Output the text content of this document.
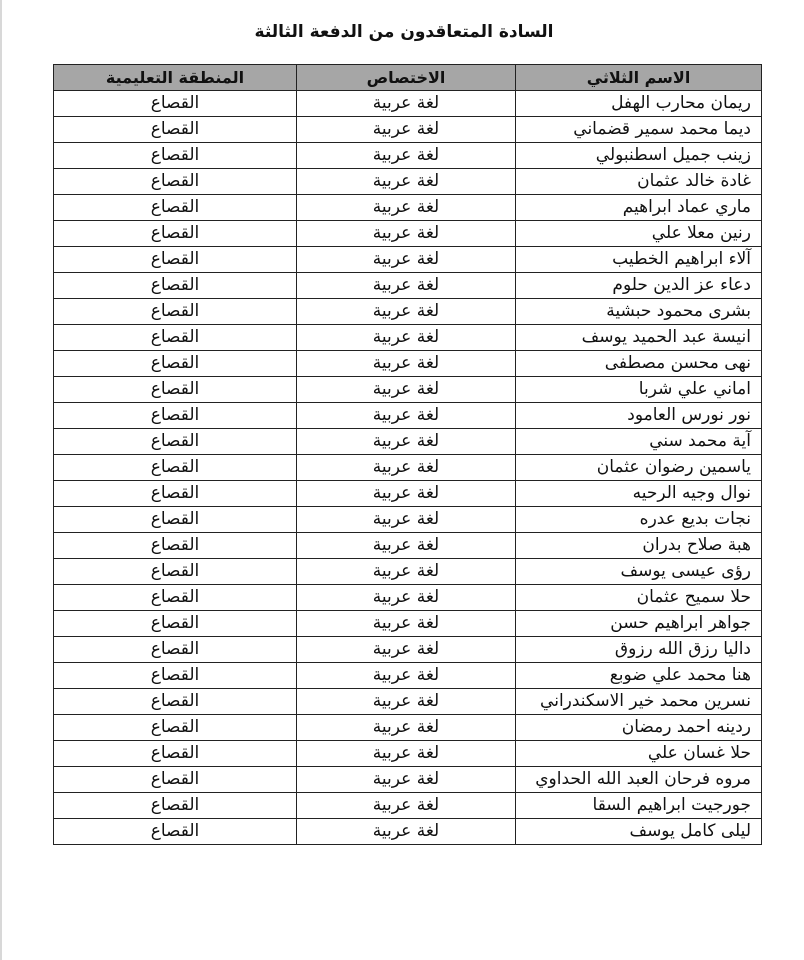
السادة المتعاقدون من الدفعة الثالثة
الاسم الثلاثي	الاختصاص	المنطقة التعليمية
ريمان محارب الهفل	لغة عربية	القصاع
ديما محمد سمير قضماني	لغة عربية	القصاع
زينب جميل اسطنبولي	لغة عربية	القصاع
غادة خالد عثمان	لغة عربية	القصاع
ماري عماد ابراهيم	لغة عربية	القصاع
رنين معلا علي	لغة عربية	القصاع
آلاء ابراهيم الخطيب	لغة عربية	القصاع
دعاء عز الدين حلوم	لغة عربية	القصاع
بشرى محمود حبشية	لغة عربية	القصاع
انيسة عبد الحميد يوسف	لغة عربية	القصاع
نهى محسن مصطفى	لغة عربية	القصاع
اماني علي شربا	لغة عربية	القصاع
نور نورس العامود	لغة عربية	القصاع
آية محمد سني	لغة عربية	القصاع
ياسمين رضوان عثمان	لغة عربية	القصاع
نوال وجيه الرحيه	لغة عربية	القصاع
نجات بديع عدره	لغة عربية	القصاع
هبة صلاح بدران	لغة عربية	القصاع
رؤى عيسى يوسف	لغة عربية	القصاع
حلا سميح عثمان	لغة عربية	القصاع
جواهر ابراهيم حسن	لغة عربية	القصاع
داليا رزق الله رزوق	لغة عربية	القصاع
هنا محمد علي ضوبع	لغة عربية	القصاع
نسرين محمد خير الاسكندراني	لغة عربية	القصاع
ردينه احمد رمضان	لغة عربية	القصاع
حلا غسان علي	لغة عربية	القصاع
مروه فرحان العبد الله الحداوي	لغة عربية	القصاع
جورجيت ابراهيم السقا	لغة عربية	القصاع
ليلى كامل يوسف	لغة عربية	القصاع
